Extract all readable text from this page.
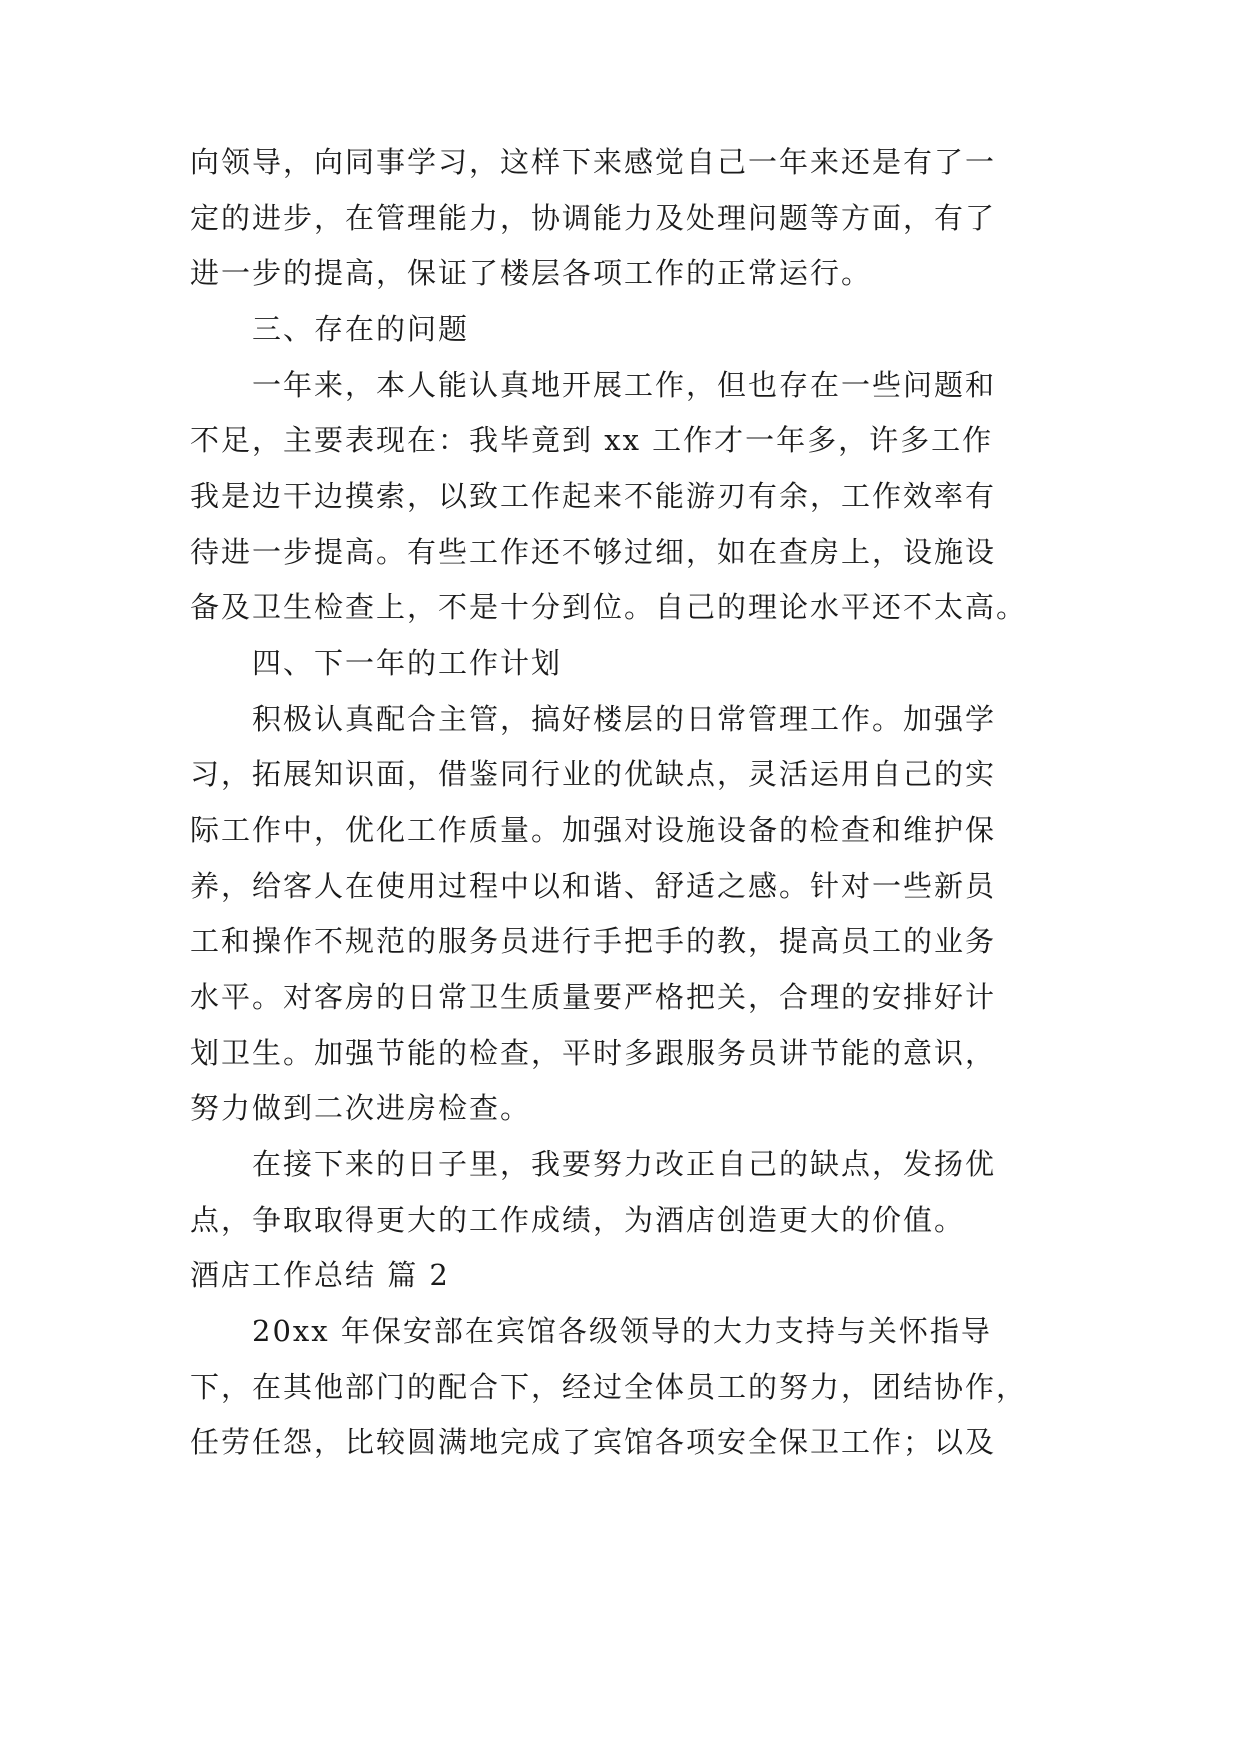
向领导，向同事学习，这样下来感觉自己一年来还是有了一
定的进步，在管理能力，协调能力及处理问题等方面，有了
进一步的提高，保证了楼层各项工作的正常运行。
三、存在的问题
一年来，本人能认真地开展工作，但也存在一些问题和
不足，主要表现在：我毕竟到 xx 工作才一年多，许多工作
我是边干边摸索，以致工作起来不能游刃有余，工作效率有
待进一步提高。有些工作还不够过细，如在查房上，设施设
备及卫生检查上，不是十分到位。自己的理论水平还不太高。
四、下一年的工作计划
积极认真配合主管，搞好楼层的日常管理工作。加强学
习，拓展知识面，借鉴同行业的优缺点，灵活运用自己的实
际工作中，优化工作质量。加强对设施设备的检查和维护保
养，给客人在使用过程中以和谐、舒适之感。针对一些新员
工和操作不规范的服务员进行手把手的教，提高员工的业务
水平。对客房的日常卫生质量要严格把关，合理的安排好计
划卫生。加强节能的检查，平时多跟服务员讲节能的意识，
努力做到二次进房检查。
在接下来的日子里，我要努力改正自己的缺点，发扬优
点，争取取得更大的工作成绩，为酒店创造更大的价值。
酒店工作总结 篇 2
20xx 年保安部在宾馆各级领导的大力支持与关怀指导
下，在其他部门的配合下，经过全体员工的努力，团结协作，
任劳任怨，比较圆满地完成了宾馆各项安全保卫工作；以及
